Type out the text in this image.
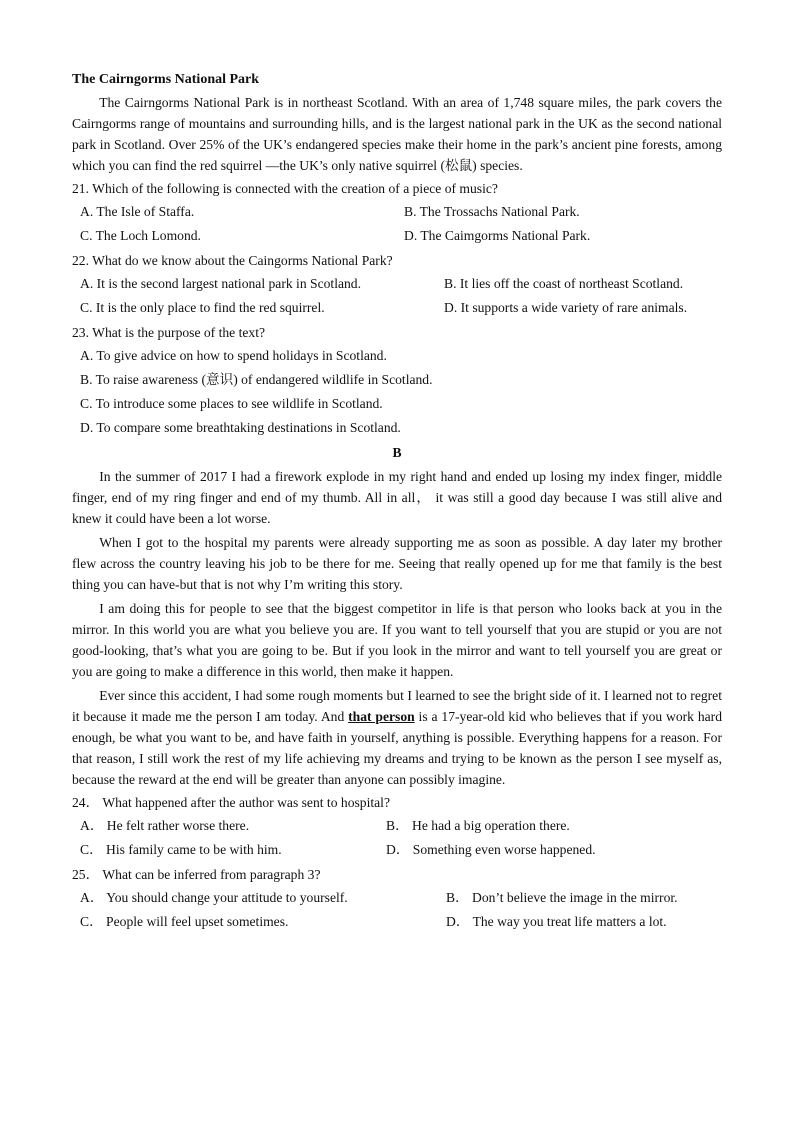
The Cairngorms National Park

The Cairngorms National Park is in northeast Scotland. With an area of 1,748 square miles, the park covers the Cairngorms range of mountains and surrounding hills, and is the largest national park in the UK as the second national park in Scotland. Over 25% of the UK’s endangered species make their home in the park’s ancient pine forests, among which you can find the red squirrel —the UK’s only native squirrel (松鼠) species.

21. Which of the following is connected with the creation of a piece of music?

A. The Isle of Staffa.	B. The Trossachs National Park.
C. The Loch Lomond.	D. The Caimgorms National Park.

22. What do we know about the Caingorms National Park?

A. It is the second largest national park in Scotland.	B. It lies off the coast of northeast Scotland.
C. It is the only place to find the red squirrel.	D. It supports a wide variety of rare animals.

23. What is the purpose of the text?

A. To give advice on how to spend holidays in Scotland.
B. To raise awareness (意识) of endangered wildlife in Scotland.
C. To introduce some places to see wildlife in Scotland.
D. To compare some breathtaking destinations in Scotland.

B

In the summer of 2017 I had a firework explode in my right hand and ended up losing my index finger, middle finger, end of my ring finger and end of my thumb. All in all， it was still a good day because I was still alive and knew it could have been a lot worse.

When I got to the hospital my parents were already supporting me as soon as possible. A day later my brother flew across the country leaving his job to be there for me. Seeing that really opened up for me that family is the best thing you can have-but that is not why I’m writing this story.

I am doing this for people to see that the biggest competitor in life is that person who looks back at you in the mirror. In this world you are what you believe you are. If you want to tell yourself that you are stupid or you are not good-looking, that’s what you are going to be. But if you look in the mirror and want to tell yourself you are great or you are going to make a difference in this world, then make it happen.

Ever since this accident, I had some rough moments but I learned to see the bright side of it. I learned not to regret it because it made me the person I am today. And that person is a 17-year-old kid who believes that if you work hard enough, be what you want to be, and have faith in yourself, anything is possible. Everything happens for a reason. For that reason, I still work the rest of my life achieving my dreams and trying to be known as the person I see myself as, because the reward at the end will be greater than anyone can possibly imagine.

24． What happened after the author was sent to hospital?

A． He felt rather worse there.	B． He had a big operation there.
C． His family came to be with him.	D． Something even worse happened.

25． What can be inferred from paragraph 3?

A． You should change your attitude to yourself.	B． Don’t believe the image in the mirror.
C． People will feel upset sometimes.	D． The way you treat life matters a lot.
